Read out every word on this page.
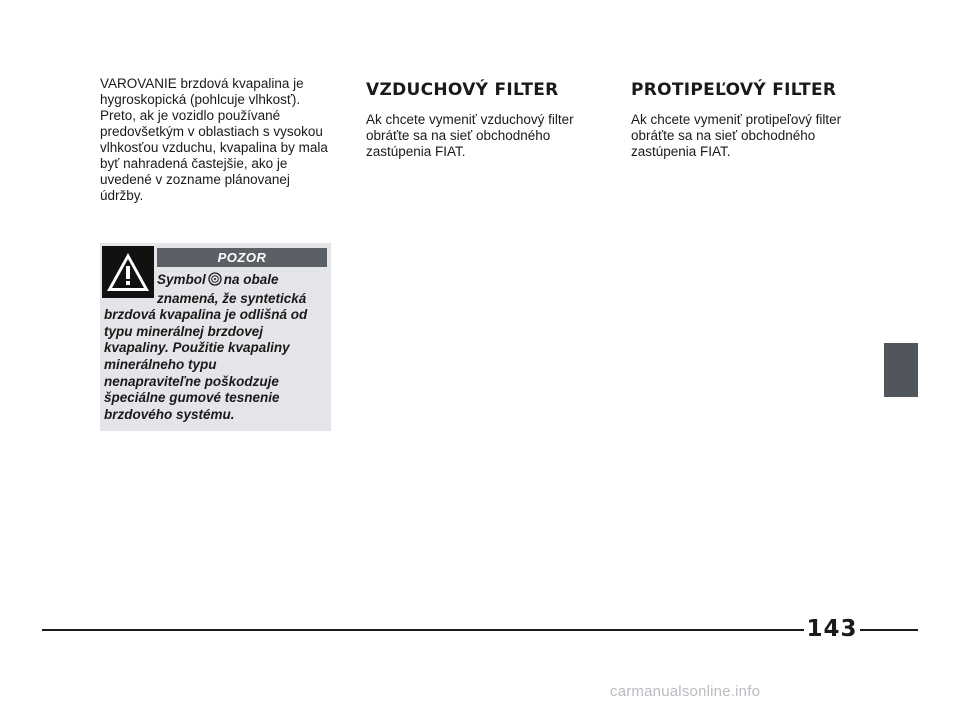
VAROVANIE brzdová kvapalina je
hygroskopická (pohlcuje vlhkosť).
Preto, ak je vozidlo používané
predovšetkým v oblastiach s vysokou
vlhkosťou vzduchu, kvapalina by mala
byť nahradená častejšie, ako je
uvedené v zozname plánovanej
údržby.

POZOR

Symbol na obale
znamená, že syntetická
brzdová kvapalina je odlišná od
typu minerálnej brzdovej
kvapaliny. Použitie kvapaliny
minerálneho typu
nenapraviteľne poškodzuje
špeciálne gumové tesnenie
brzdového systému.

VZDUCHOVÝ FILTER

Ak chcete vymeniť vzduchový filter
obráťte sa na sieť obchodného
zastúpenia FIAT.

PROTIPEĽOVÝ FILTER

Ak chcete vymeniť protipeľový filter
obráťte sa na sieť obchodného
zastúpenia FIAT.

143
carmanualsonline.info
